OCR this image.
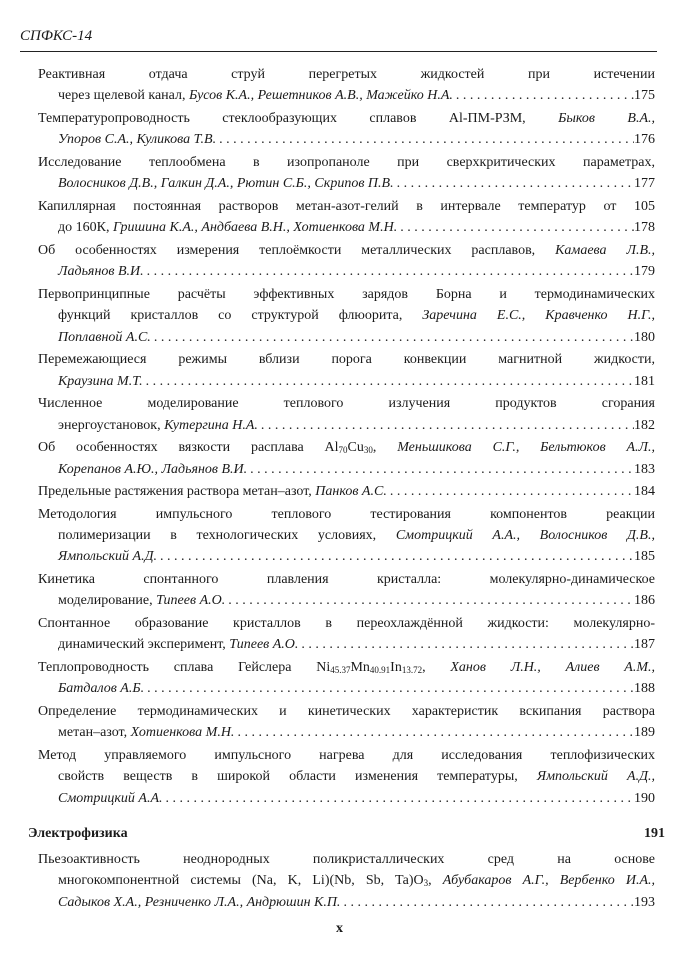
СПФКС-14
Реактивная отдача струй перегретых жидкостей при истечении
через щелевой канал, Бусов К.А., Решетников А.В., Мажейко Н.А. . . .	175
Температуропроводность стеклообразующих сплавов Al-ПМ-РЗМ, Быков В.А.,
Упоров С.А., Куликова Т.В. . . .	176
Исследование теплообмена в изопропаноле при сверхкритических параметрах,
Волосников Д.В., Галкин Д.А., Рютин С.Б., Скрипов П.В. . . .	177
Капиллярная постоянная растворов метан-азот-гелий в интервале температур от 105
до 160К, Гришина К.А., Андбаева В.Н., Хотиенкова М.Н. . . .	178
Об особенностях измерения теплоёмкости металлических расплавов, Камаева Л.В.,
Ладьянов В.И. . . .	179
Первопринципные расчёты эффективных зарядов Борна и термодинамических
функций кристаллов со структурой флюорита, Заречина Е.С., Кравченко Н.Г.,
Поплавной А.С. . . .	180
Перемежающиеся режимы вблизи порога конвекции магнитной жидкости,
Краузина М.Т. . . .	181
Численное моделирование теплового излучения продуктов сгорания
энергоустановок, Кутергина Н.А. . . .	182
Об особенностях вязкости расплава $Al_{70}Cu_{30}$, Меньшикова С.Г., Бельтюков А.Л.,
Корепанов А.Ю., Ладьянов В.И. . . .	183
Предельные растяжения раствора метан–азот, Панков А.С. . . .	184
Методология импульсного теплового тестирования компонентов реакции
полимеризации в технологических условиях, Смотрицкий А.А., Волосников Д.В.,
Ямпольский А.Д. . . .	185
Кинетика спонтанного плавления кристалла: молекулярно-динамическое
моделирование, Типеев А.О. . . .	186
Спонтанное образование кристаллов в переохлаждённой жидкости: молекулярно-
динамический эксперимент, Типеев А.О. . . .	187
Теплопроводность сплава Гейслера $Ni_{45.37}Mn_{40.91}In_{13.72}$, Ханов Л.Н., Алиев А.М.,
Батдалов А.Б. . . .	188
Определение термодинамических и кинетических характеристик вскипания раствора
метан–азот, Хотиенкова М.Н. . . .	189
Метод управляемого импульсного нагрева для исследования теплофизических
свойств веществ в широкой области изменения температуры, Ямпольский А.Д.,
Смотрицкий А.А. . . .	190
Электрофизика	191
Пьезоактивность неоднородных поликристаллических сред на основе
многокомпонентной системы (Na, K, Li)(Nb, Sb, $Ta)O_3$, Абубакаров А.Г., Вербенко И.А.,
Садыков Х.А., Резниченко Л.А., Андрюшин К.П. . . .	193
x
